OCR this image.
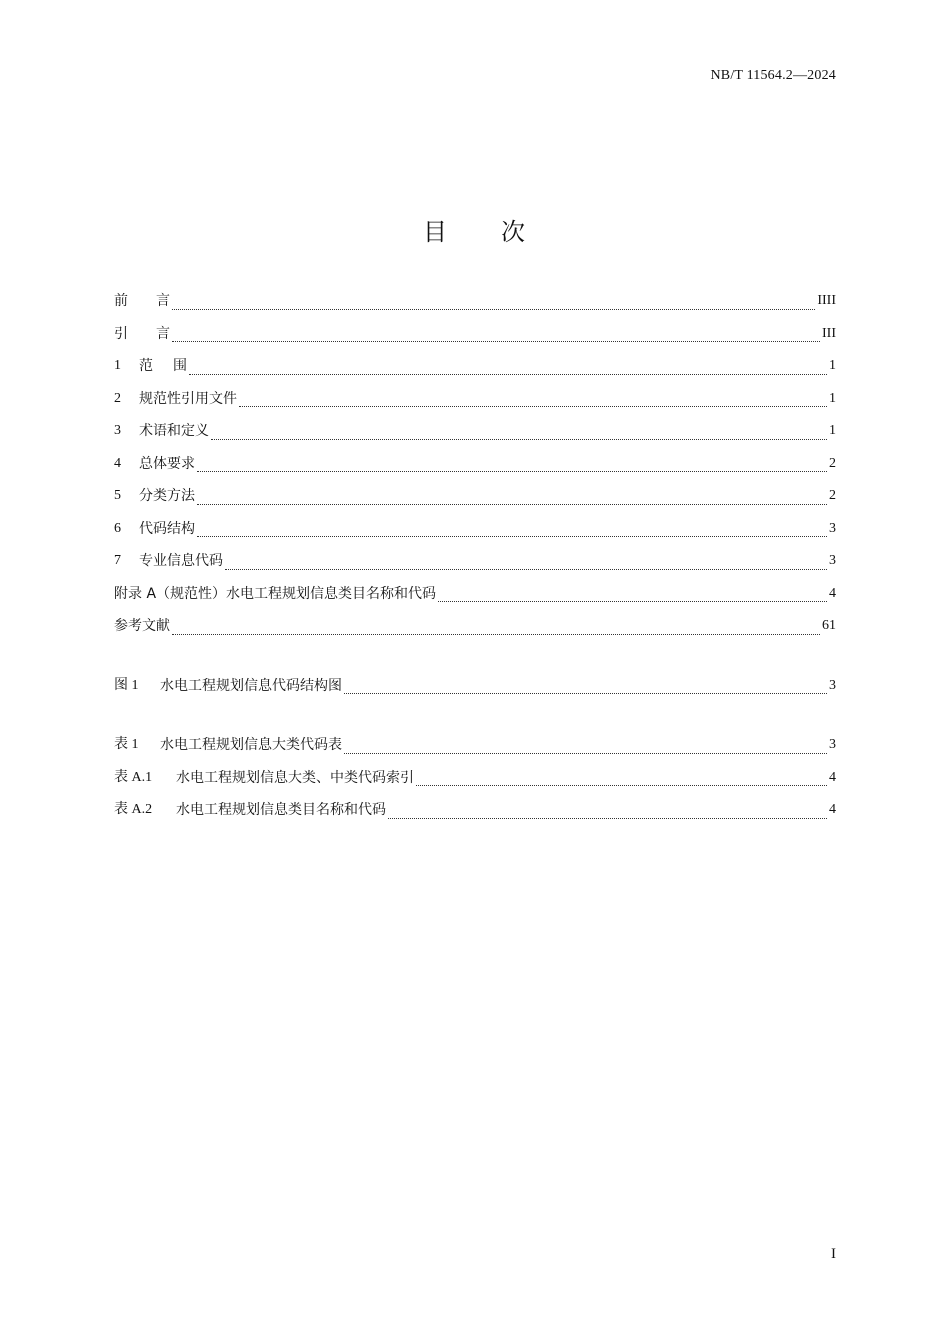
NB/T 11564.2—2024
目 次
前 言	IIII
引 言	III
1	范 围	1
2	规范性引用文件	1
3	术语和定义	1
4	总体要求	2
5	分类方法	2
6	代码结构	3
7	专业信息代码	3
附录 A（规范性）水电工程规划信息类目名称和代码	4
参考文献	61
图 1	水电工程规划信息代码结构图	3
表 1	水电工程规划信息大类代码表	3
表 A.1	水电工程规划信息大类、中类代码索引	4
表 A.2	水电工程规划信息类目名称和代码	4
I
